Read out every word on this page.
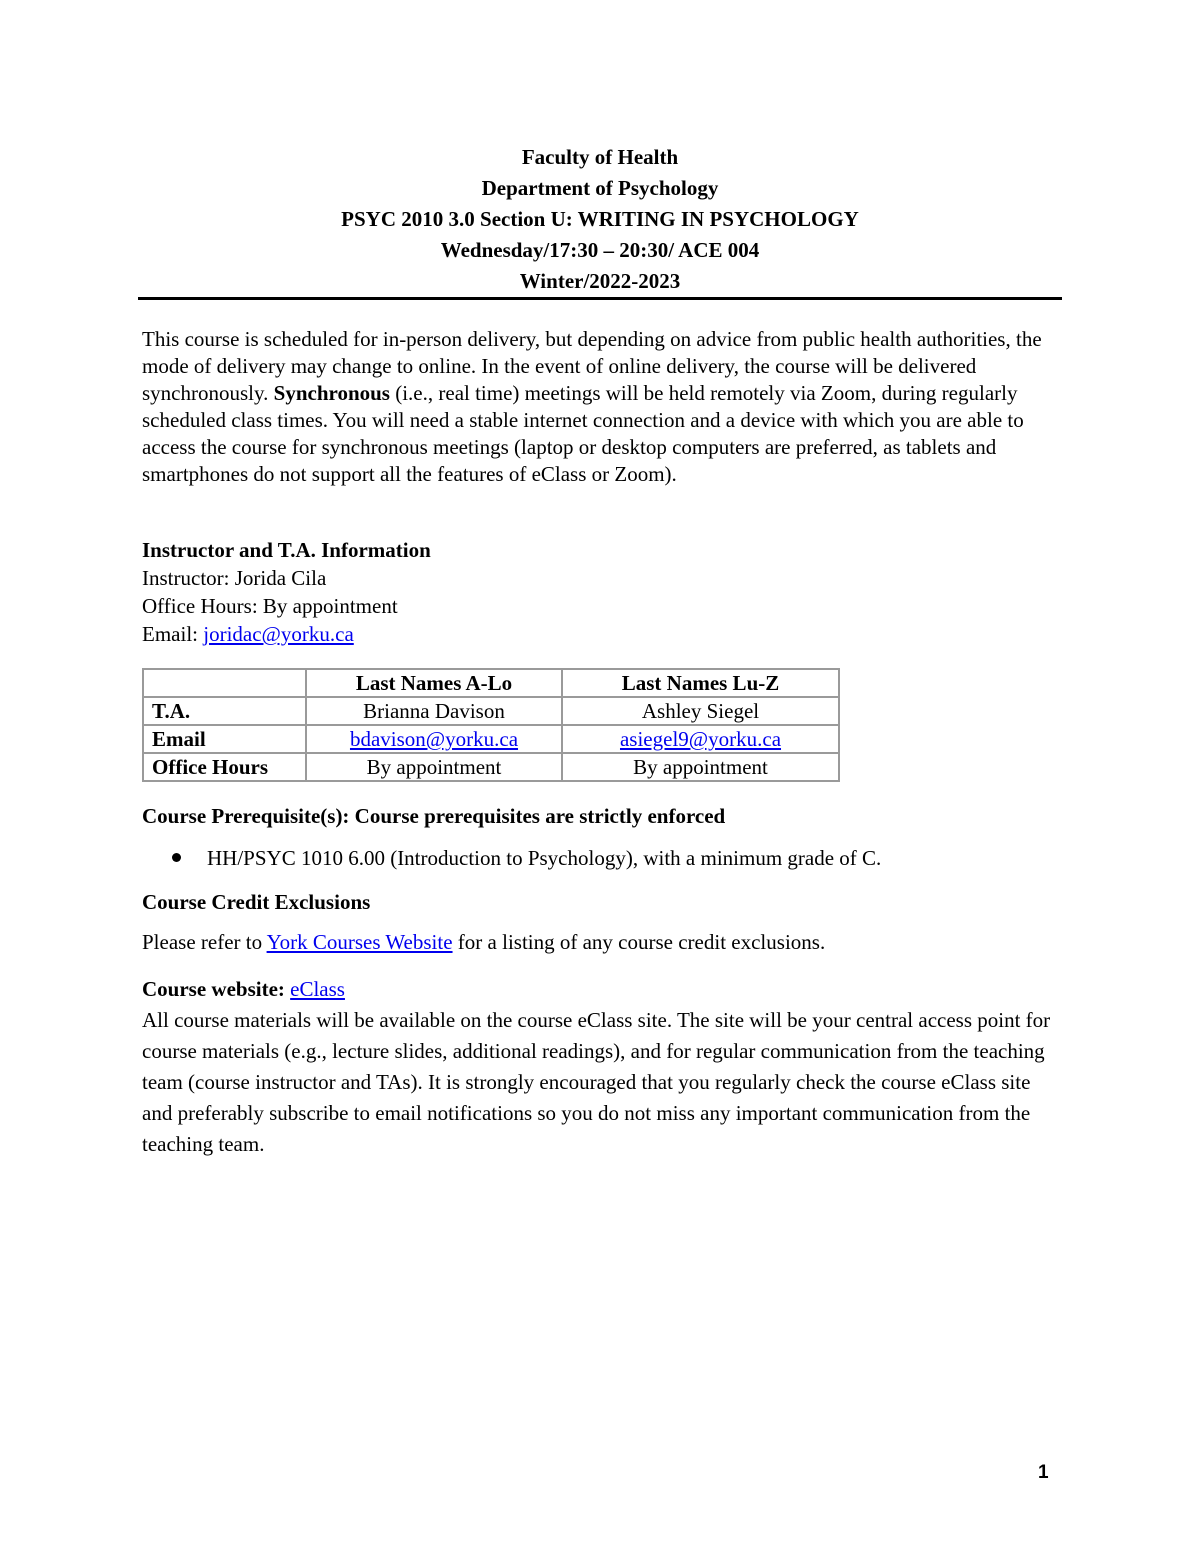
Faculty of Health
Department of Psychology
PSYC 2010 3.0 Section U: WRITING IN PSYCHOLOGY
Wednesday/17:30 – 20:30/ ACE 004
Winter/2022-2023
This course is scheduled for in-person delivery, but depending on advice from public health authorities, the mode of delivery may change to online. In the event of online delivery, the course will be delivered synchronously. Synchronous (i.e., real time) meetings will be held remotely via Zoom, during regularly scheduled class times. You will need a stable internet connection and a device with which you are able to access the course for synchronous meetings (laptop or desktop computers are preferred, as tablets and smartphones do not support all the features of eClass or Zoom).
Instructor and T.A. Information
Instructor: Jorida Cila
Office Hours: By appointment
Email: joridac@yorku.ca
	Last Names A-Lo	Last Names Lu-Z
T.A.	Brianna Davison	Ashley Siegel
Email	bdavison@yorku.ca	asiegel9@yorku.ca
Office Hours	By appointment	By appointment
Course Prerequisite(s): Course prerequisites are strictly enforced
HH/PSYC 1010 6.00 (Introduction to Psychology), with a minimum grade of C.
Course Credit Exclusions
Please refer to York Courses Website for a listing of any course credit exclusions.
Course website: eClass
All course materials will be available on the course eClass site. The site will be your central access point for course materials (e.g., lecture slides, additional readings), and for regular communication from the teaching team (course instructor and TAs). It is strongly encouraged that you regularly check the course eClass site and preferably subscribe to email notifications so you do not miss any important communication from the teaching team.
1
